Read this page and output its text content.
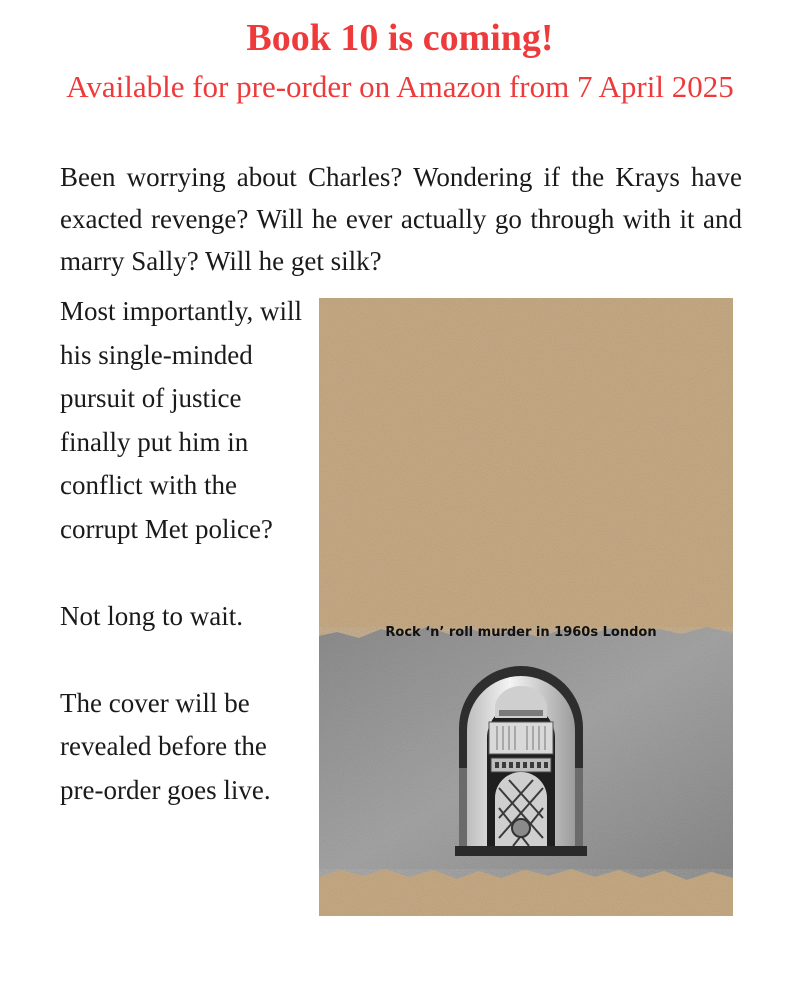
Book 10 is coming!
Available for pre-order on Amazon from 7 April 2025
Been worrying about Charles? Wondering if the Krays have exacted revenge? Will he ever actually go through with it and marry Sally? Will he get silk?

Most importantly, will his single-minded pursuit of justice finally put him in conflict with the corrupt Met police?

Not long to wait.

The cover will be revealed before the pre-order goes live.

Rock ‘n’ roll murder in 1960s London
